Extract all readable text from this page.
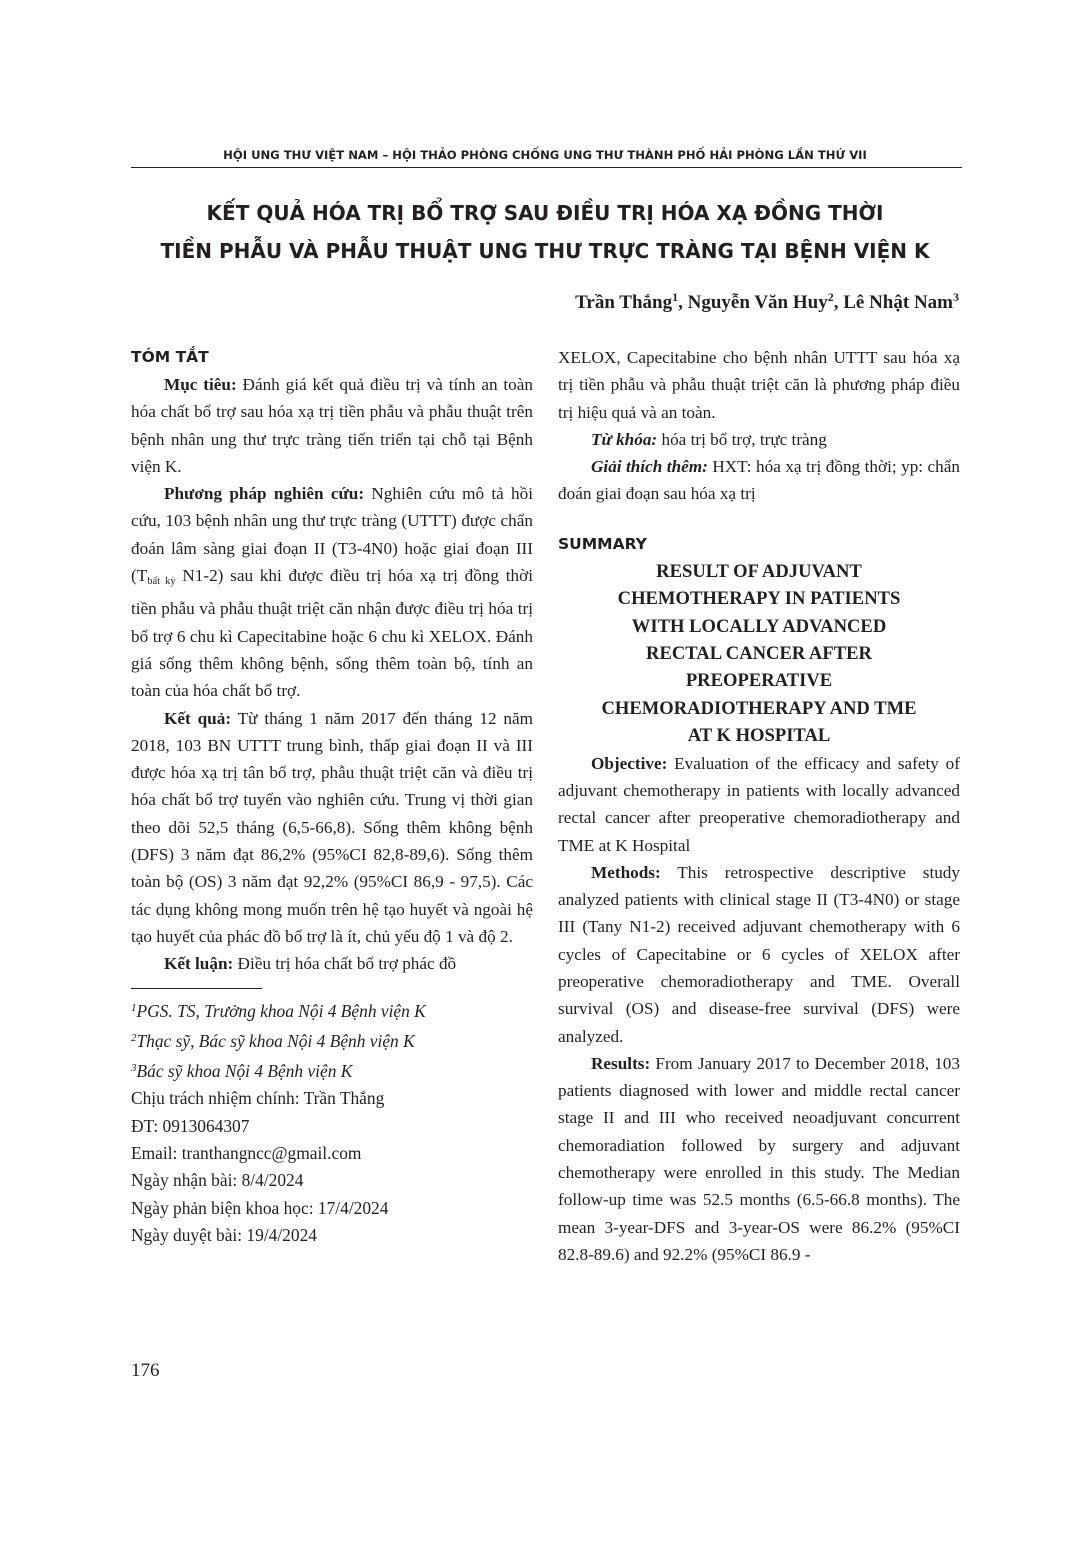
HỘI UNG THƯ VIỆT NAM – HỘI THẢO PHÒNG CHỐNG UNG THƯ THÀNH PHỐ HẢI PHÒNG LẦN THỨ VII
KẾT QUẢ HÓA TRỊ BỔ TRỢ SAU ĐIỀU TRỊ HÓA XẠ ĐỒNG THỜI
TIỀN PHẪU VÀ PHẪU THUẬT UNG THƯ TRỰC TRÀNG TẠI BỆNH VIỆN K
Trần Thắng$^1$, Nguyễn Văn Huy$^2$, Lê Nhật Nam$^3$
TÓM TẮT

Mục tiêu: Đánh giá kết quả điều trị và tính an toàn hóa chất bổ trợ sau hóa xạ trị tiền phẫu và phẫu thuật trên bệnh nhân ung thư trực tràng tiến triển tại chỗ tại Bệnh viện K.

Phương pháp nghiên cứu: Nghiên cứu mô tả hồi cứu, 103 bệnh nhân ung thư trực tràng (UTTT) được chẩn đoán lâm sàng giai đoạn II (T3-4N0) hoặc giai đoạn III ($T_{bất kỳ}$ N1-2) sau khi được điều trị hóa xạ trị đồng thời tiền phẫu và phẫu thuật triệt căn nhận được điều trị hóa trị bổ trợ 6 chu kì Capecitabine hoặc 6 chu kì XELOX. Đánh giá sống thêm không bệnh, sống thêm toàn bộ, tính an toàn của hóa chất bổ trợ.

Kết quả: Từ tháng 1 năm 2017 đến tháng 12 năm 2018, 103 BN UTTT trung bình, thấp giai đoạn II và III được hóa xạ trị tân bổ trợ, phẫu thuật triệt căn và điều trị hóa chất bổ trợ tuyển vào nghiên cứu. Trung vị thời gian theo dõi 52,5 tháng (6,5-66,8). Sống thêm không bệnh (DFS) 3 năm đạt 86,2% (95%CI 82,8-89,6). Sống thêm toàn bộ (OS) 3 năm đạt 92,2% (95%CI 86,9 - 97,5). Các tác dụng không mong muốn trên hệ tạo huyết và ngoài hệ tạo huyết của phác đồ bổ trợ là ít, chủ yếu độ 1 và độ 2.

Kết luận: Điều trị hóa chất bổ trợ phác đồ

$^1$PGS. TS, Trưởng khoa Nội 4 Bệnh viện K

$^2$Thạc sỹ, Bác sỹ khoa Nội 4 Bệnh viện K

$^3$Bác sỹ khoa Nội 4 Bệnh viện K

Chịu trách nhiệm chính: Trần Thắng

ĐT: 0913064307

Email: tranthangncc@gmail.com

Ngày nhận bài: 8/4/2024

Ngày phản biện khoa học: 17/4/2024

Ngày duyệt bài: 19/4/2024

XELOX, Capecitabine cho bệnh nhân UTTT sau hóa xạ trị tiền phẫu và phẫu thuật triệt căn là phương pháp điều trị hiệu quả và an toàn.

Từ khóa: hóa trị bổ trợ, trực tràng

Giải thích thêm: HXT: hóa xạ trị đồng thời; yp: chẩn đoán giai đoạn sau hóa xạ trị

SUMMARY
RESULT OF ADJUVANT
CHEMOTHERAPY IN PATIENTS
WITH LOCALLY ADVANCED
RECTAL CANCER AFTER
PREOPERATIVE
CHEMORADIOTHERAPY AND TME
AT K HOSPITAL

Objective: Evaluation of the efficacy and safety of adjuvant chemotherapy in patients with locally advanced rectal cancer after preoperative chemoradiotherapy and TME at K Hospital

Methods: This retrospective descriptive study analyzed patients with clinical stage II (T3-4N0) or stage III (Tany N1-2) received adjuvant chemotherapy with 6 cycles of Capecitabine or 6 cycles of XELOX after preoperative chemoradiotherapy and TME. Overall survival (OS) and disease-free survival (DFS) were analyzed.

Results: From January 2017 to December 2018, 103 patients diagnosed with lower and middle rectal cancer stage II and III who received neoadjuvant concurrent chemoradiation followed by surgery and adjuvant chemotherapy were enrolled in this study. The Median follow-up time was 52.5 months (6.5-66.8 months). The mean 3-year-DFS and 3-year-OS were 86.2% (95%CI 82.8-89.6) and 92.2% (95%CI 86.9 -

176
